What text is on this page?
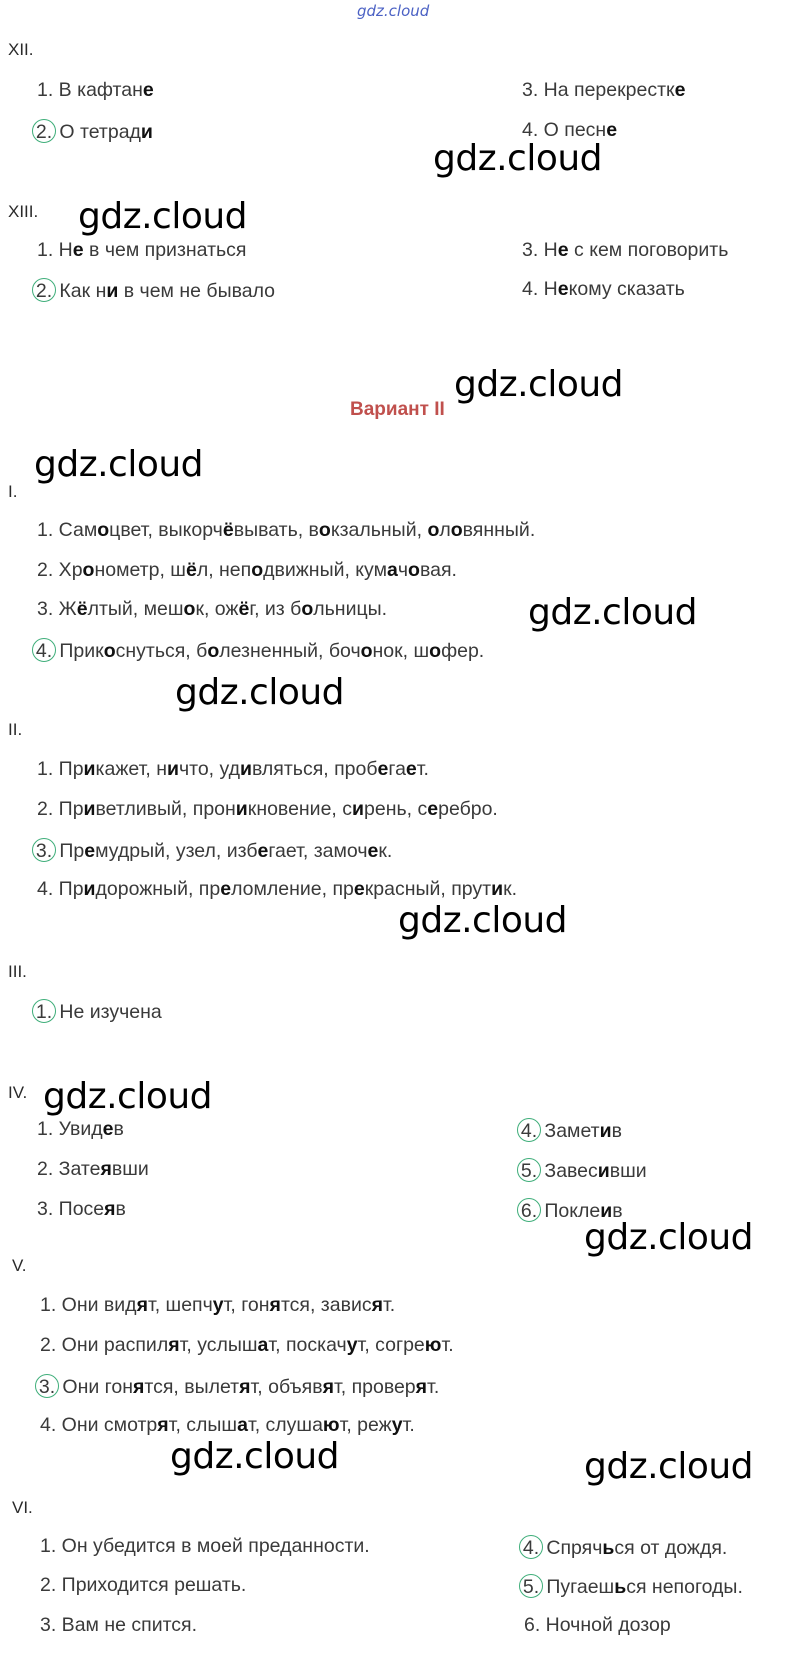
gdz.cloud
XII.
1. В кафтане	3. На перекрестке
2. О тетради	4. О песне
XIII.
1. Не в чем признаться	3. Не с кем поговорить
2. Как ни в чем не бывало	4. Некому сказать
Вариант II
I.
1. Самоцвет, выкорчёвывать, вокзальный, оловянный.
2. Хронометр, шёл, неподвижный, кумачовая.
3. Жёлтый, мешок, ожёг, из больницы.
4. Прикоснуться, болезненный, бочонок, шофер.
II.
1. Прикажет, ничто, удивляться, пробегает.
2. Приветливый, проникновение, сирень, серебро.
3. Премудрый, узел, избегает, замочек.
4. Придорожный, преломление, прекрасный, прутик.
III.
1. Не изучена
IV.
1. Увидев	4. Заметив
2. Затеявши	5. Завесивши
3. Посеяв	6. Поклеив
V.
1. Они видят, шепчут, гонятся, зависят.
2. Они распилят, услышат, поскачут, согреют.
3. Они гонятся, вылетят, объявят, проверят.
4. Они смотрят, слышат, слушают, режут.
VI.
1. Он убедится в моей преданности.	4. Спрячься от дождя.
2. Приходится решать.	5. Пугаешься непогоды.
3. Вам не спится.	6. Ночной дозор
gdz.cloud
gdz.cloud
gdz.cloud
gdz.cloud
gdz.cloud
gdz.cloud
gdz.cloud
gdz.cloud
gdz.cloud
gdz.cloud	gdz.cloud
